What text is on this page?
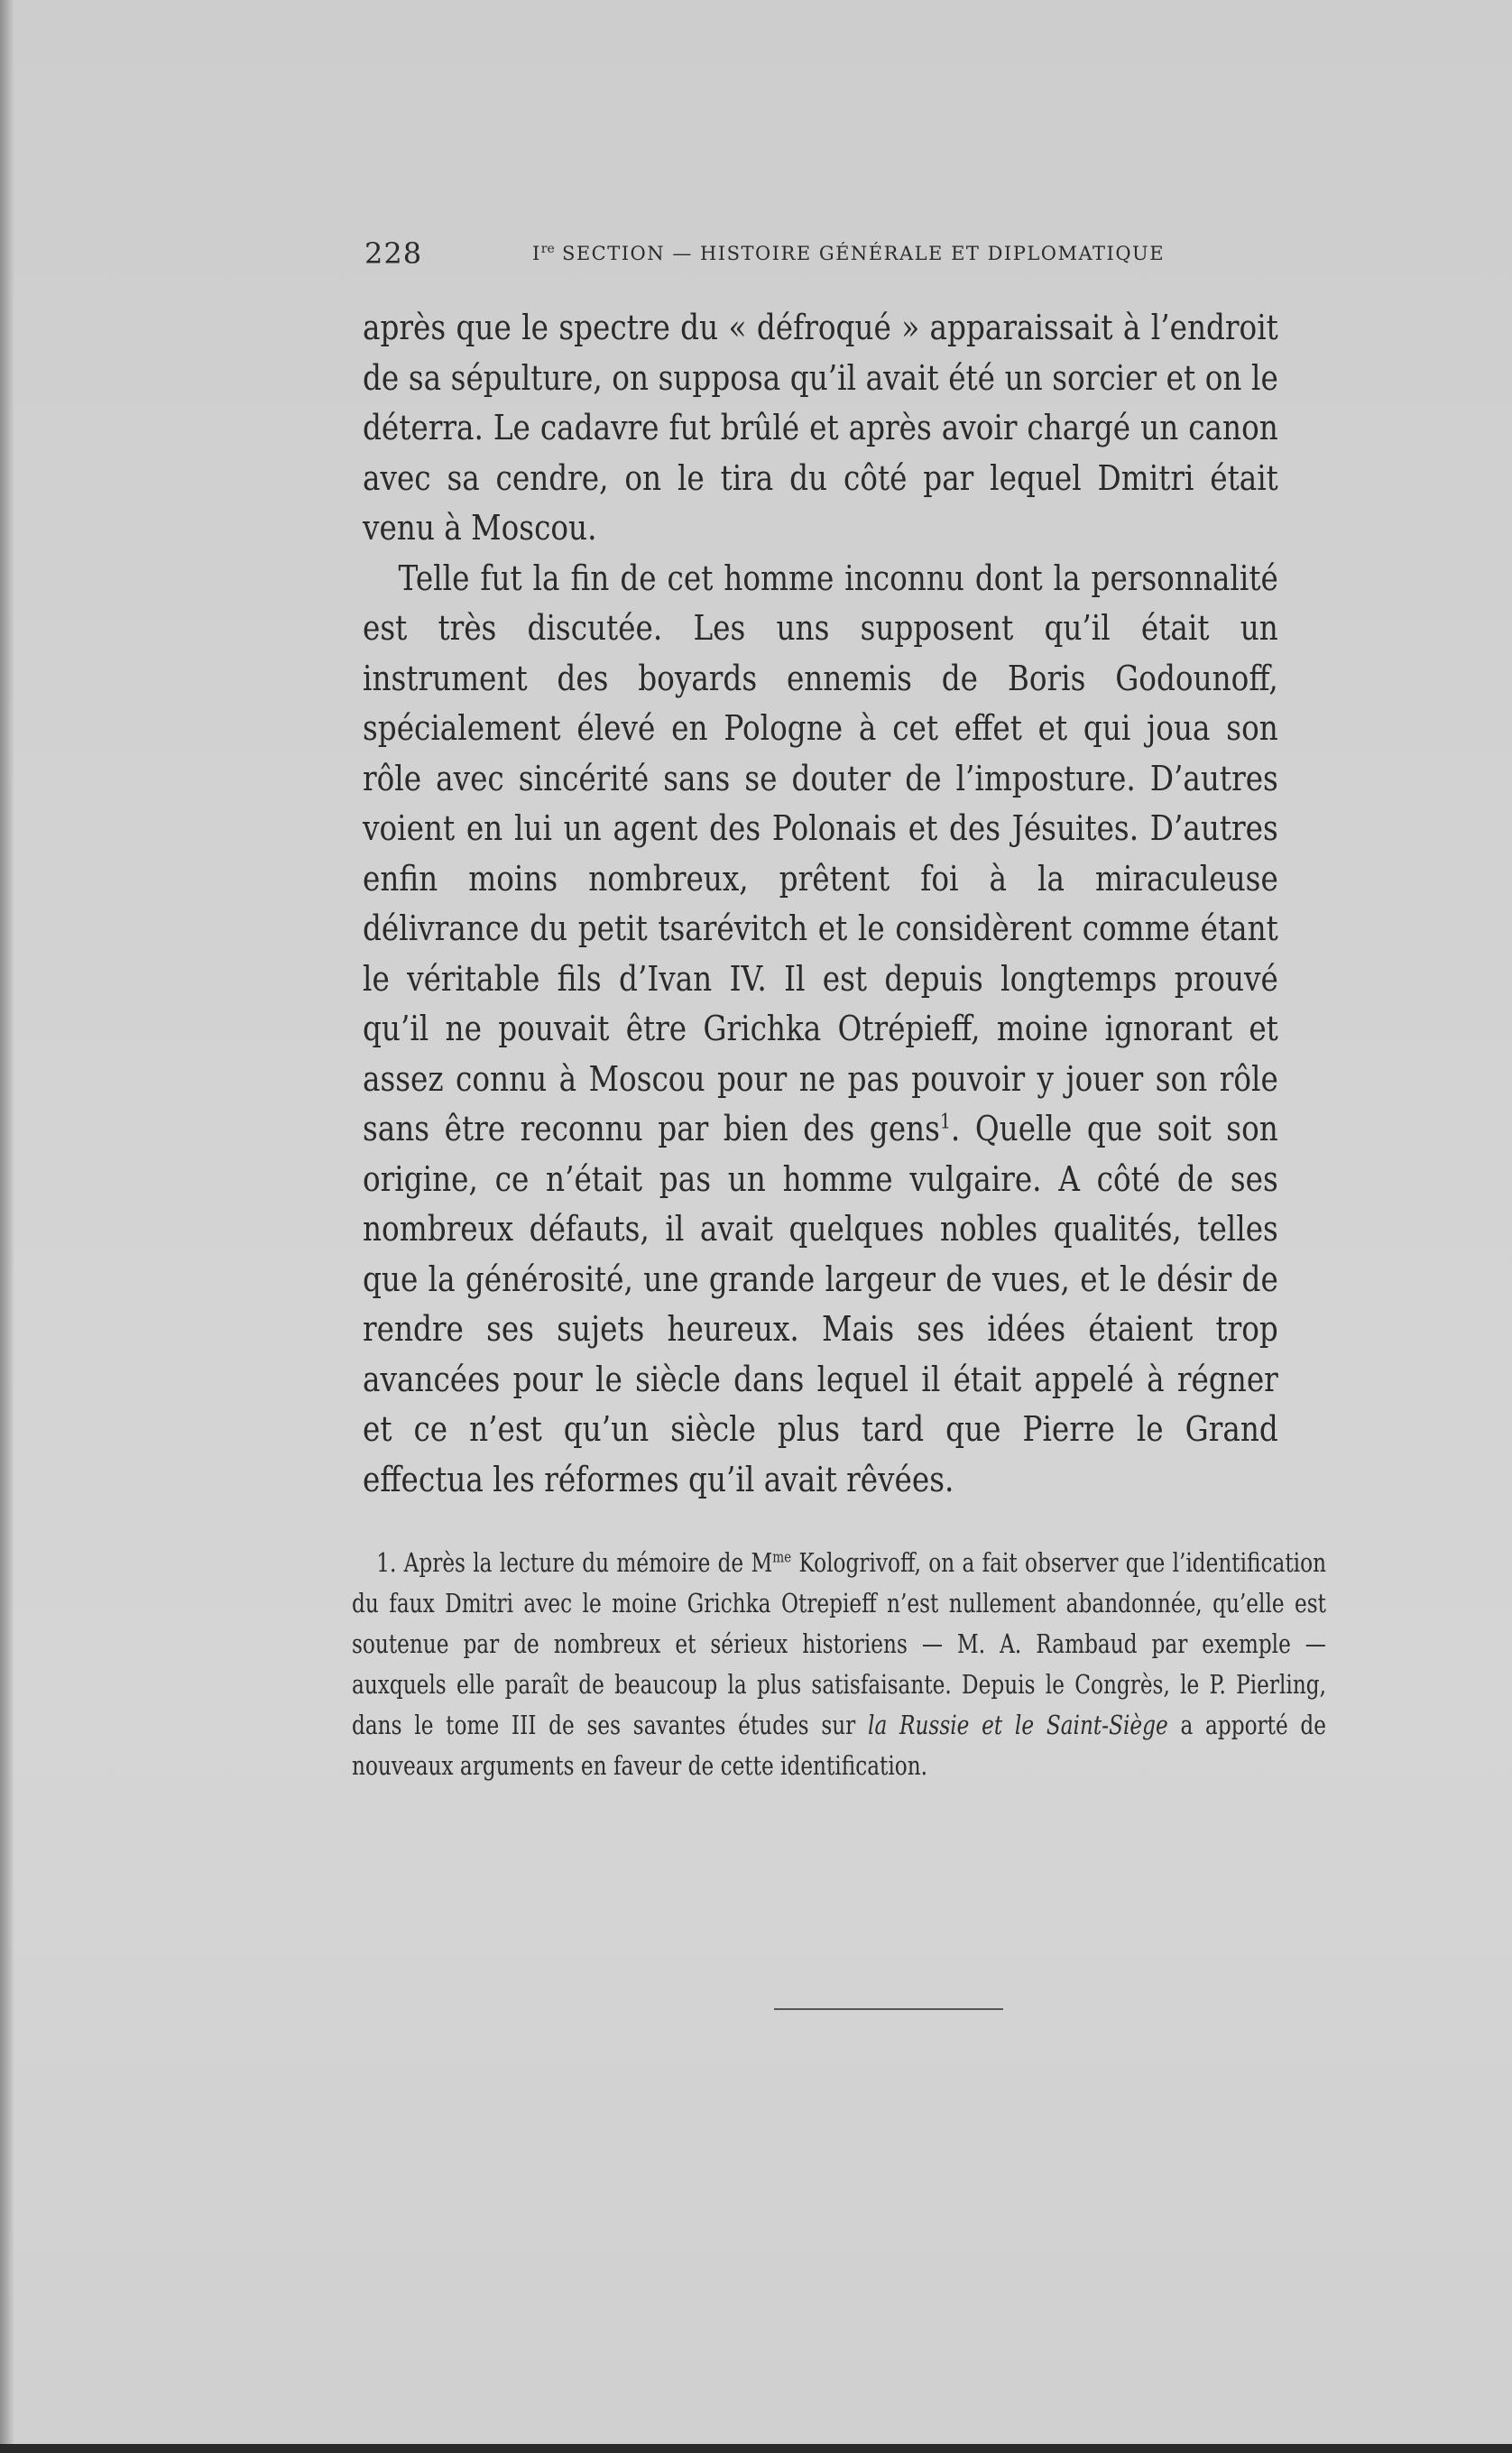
228	Ire SECTION — HISTOIRE GÉNÉRALE ET DIPLOMATIQUE

après que le spectre du « défroqué » apparaissait à l’endroit de sa sépulture, on supposa qu’il avait été un sorcier et on le déterra. Le cadavre fut brûlé et après avoir chargé un canon avec sa cendre, on le tira du côté par lequel Dmitri était venu à Moscou.

Telle fut la fin de cet homme inconnu dont la personnalité est très discutée. Les uns supposent qu’il était un instrument des boyards ennemis de Boris Godounoff, spécialement élevé en Pologne à cet effet et qui joua son rôle avec sincérité sans se douter de l’imposture. D’autres voient en lui un agent des Polonais et des Jésuites. D’autres enfin moins nombreux, prêtent foi à la miraculeuse délivrance du petit tsarévitch et le considèrent comme étant le véritable fils d’Ivan IV. Il est depuis longtemps prouvé qu’il ne pouvait être Grichka Otrépieff, moine ignorant et assez connu à Moscou pour ne pas pouvoir y jouer son rôle sans être reconnu par bien des gens$^1$. Quelle que soit son origine, ce n’était pas un homme vulgaire. A côté de ses nombreux défauts, il avait quelques nobles qualités, telles que la générosité, une grande largeur de vues, et le désir de rendre ses sujets heureux. Mais ses idées étaient trop avancées pour le siècle dans lequel il était appelé à régner et ce n’est qu’un siècle plus tard que Pierre le Grand effectua les réformes qu’il avait rêvées.

1. Après la lecture du mémoire de $M^{me}$ Kologrivoff, on a fait observer que l’identification du faux Dmitri avec le moine Grichka Otrepieff n’est nullement abandonnée, qu’elle est soutenue par de nombreux et sérieux historiens — M. A. Rambaud par exemple — auxquels elle paraît de beaucoup la plus satisfaisante. Depuis le Congrès, le P. Pierling, dans le tome III de ses savantes études sur la Russie et le Saint-Siège a apporté de nouveaux arguments en faveur de cette identification.
